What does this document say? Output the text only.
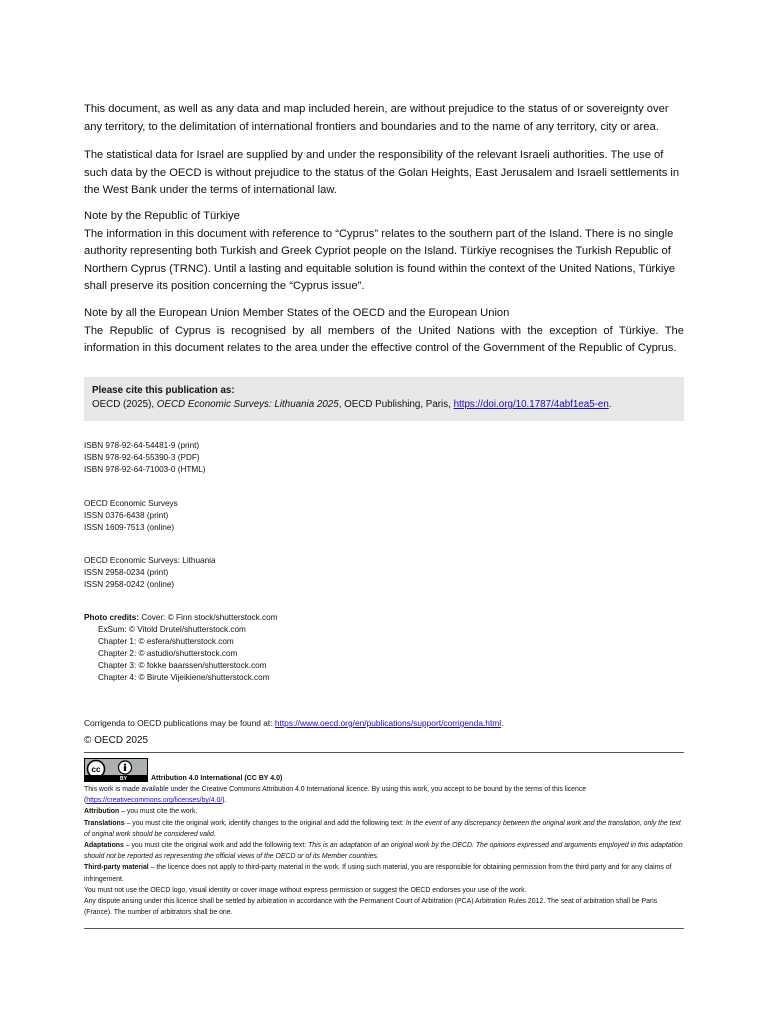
This document, as well as any data and map included herein, are without prejudice to the status of or sovereignty over any territory, to the delimitation of international frontiers and boundaries and to the name of any territory, city or area.

The statistical data for Israel are supplied by and under the responsibility of the relevant Israeli authorities. The use of such data by the OECD is without prejudice to the status of the Golan Heights, East Jerusalem and Israeli settlements in the West Bank under the terms of international law.

Note by the Republic of Türkiye

The information in this document with reference to “Cyprus” relates to the southern part of the Island. There is no single authority representing both Turkish and Greek Cypriot people on the Island. Türkiye recognises the Turkish Republic of Northern Cyprus (TRNC). Until a lasting and equitable solution is found within the context of the United Nations, Türkiye shall preserve its position concerning the “Cyprus issue”.

Note by all the European Union Member States of the OECD and the European Union

The Republic of Cyprus is recognised by all members of the United Nations with the exception of Türkiye. The information in this document relates to the area under the effective control of the Government of the Republic of Cyprus.

Please cite this publication as:
OECD (2025), OECD Economic Surveys: Lithuania 2025, OECD Publishing, Paris, https://doi.org/10.1787/4abf1ea5-en.

ISBN 978-92-64-54481-9 (print)

ISBN 978-92-64-55390-3 (PDF)

ISBN 978-92-64-71003-0 (HTML)

OECD Economic Surveys

ISSN 0376-6438 (print)

ISSN 1609-7513 (online)

OECD Economic Surveys: Lithuania

ISSN 2958-0234 (print)

ISSN 2958-0242 (online)

Photo credits: Cover: © Finn stock/shutterstock.com

ExSum: © Vitold Drutel/shutterstock.com

Chapter 1: © esfera/shutterstock.com

Chapter 2: © astudio/shutterstock.com

Chapter 3: © fokke baarssen/shutterstock.com

Chapter 4: © Birute Vijeikiene/shutterstock.com

Corrigenda to OECD publications may be found at: https://www.oecd.org/en/publications/support/corrigenda.html.
© OECD 2025
cc
BY	Attribution 4.0 International (CC BY 4.0)

This work is made available under the Creative Commons Attribution 4.0 International licence. By using this work, you accept to be bound by the terms of this licence (https://creativecommons.org/licenses/by/4.0/).

Attribution – you must cite the work.

Translations – you must cite the original work, identify changes to the original and add the following text: In the event of any discrepancy between the original work and the translation, only the text of original work should be considered valid.

Adaptations – you must cite the original work and add the following text: This is an adaptation of an original work by the OECD. The opinions expressed and arguments employed in this adaptation should not be reported as representing the official views of the OECD or of its Member countries.

Third-party material – the licence does not apply to third-party material in the work. If using such material, you are responsible for obtaining permission from the third party and for any claims of infringement.

You must not use the OECD logo, visual identity or cover image without express permission or suggest the OECD endorses your use of the work.

Any dispute arising under this licence shall be settled by arbitration in accordance with the Permanent Court of Arbitration (PCA) Arbitration Rules 2012. The seat of arbitration shall be Paris (France). The number of arbitrators shall be one.
